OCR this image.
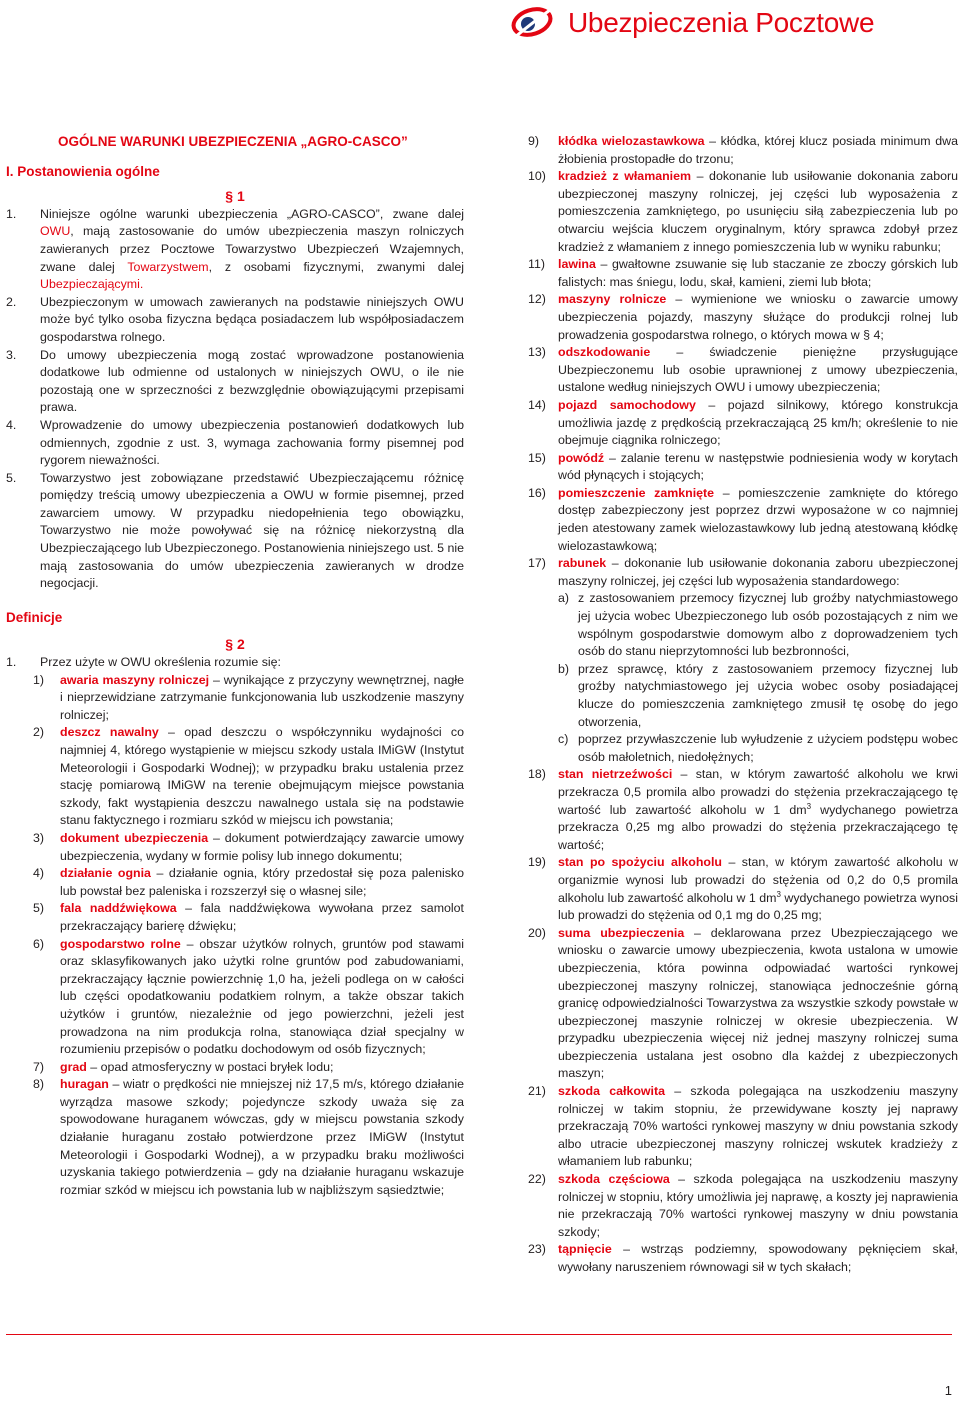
Ubezpieczenia Pocztowe
OGÓLNE WARUNKI UBEZPIECZENIA „AGRO-CASCO”
I. Postanowienia ogólne
§ 1
1.	Niniejsze ogólne warunki ubezpieczenia „AGRO-CASCO”, zwane dalej OWU, mają zastosowanie do umów ubezpieczenia maszyn rolniczych zawieranych przez Pocztowe Towarzystwo Ubezpieczeń Wzajemnych, zwane dalej Towarzystwem, z osobami fizycznymi, zwanymi dalej Ubezpieczającymi.
2.	Ubezpieczonym w umowach zawieranych na podstawie niniejszych OWU może być tylko osoba fizyczna będąca posiadaczem lub współposiadaczem gospodarstwa rolnego.
3.	Do umowy ubezpieczenia mogą zostać wprowadzone postanowienia dodatkowe lub odmienne od ustalonych w niniejszych OWU, o ile nie pozostają one w sprzeczności z bezwzględnie obowiązującymi przepisami prawa.
4.	Wprowadzenie do umowy ubezpieczenia postanowień dodatkowych lub odmiennych, zgodnie z ust. 3, wymaga zachowania formy pisemnej pod rygorem nieważności.
5.	Towarzystwo jest zobowiązane przedstawić Ubezpieczającemu różnicę pomiędzy treścią umowy ubezpieczenia a OWU w formie pisemnej, przed zawarciem umowy. W przypadku niedopełnienia tego obowiązku, Towarzystwo nie może powoływać się na różnicę niekorzystną dla Ubezpieczającego lub Ubezpieczonego. Postanowienia niniejszego ust. 5 nie mają zastosowania do umów ubezpieczenia zawieranych w drodze negocjacji.
Definicje
§ 2
1.	Przez użyte w OWU określenia rozumie się:
1)	awaria maszyny rolniczej – wynikające z przyczyny wewnętrznej, nagłe i nieprzewidziane zatrzymanie funkcjonowania lub uszkodzenie maszyny rolniczej;
2)	deszcz nawalny – opad deszczu o współczynniku wydajności co najmniej 4, którego wystąpienie w miejscu szkody ustala IMiGW (Instytut Meteorologii i Gospodarki Wodnej); w przypadku braku ustalenia przez stację pomiarową IMiGW na terenie obejmującym miejsce powstania szkody, fakt wystąpienia deszczu nawalnego ustala się na podstawie stanu faktycznego i rozmiaru szkód w miejscu ich powstania;
3)	dokument ubezpieczenia – dokument potwierdzający zawarcie umowy ubezpieczenia, wydany w formie polisy lub innego dokumentu;
4)	działanie ognia – działanie ognia, który przedostał się poza palenisko lub powstał bez paleniska i rozszerzył się o własnej sile;
5)	fala naddźwiękowa – fala naddźwiękowa wywołana przez samolot przekraczający barierę dźwięku;
6)	gospodarstwo rolne – obszar użytków rolnych, gruntów pod stawami oraz sklasyfikowanych jako użytki rolne gruntów pod zabudowaniami, przekraczający łącznie powierzchnię 1,0 ha, jeżeli podlega on w całości lub części opodatkowaniu podatkiem rolnym, a także obszar takich użytków i gruntów, niezależnie od jego powierzchni, jeżeli jest prowadzona na nim produkcja rolna, stanowiąca dział specjalny w rozumieniu przepisów o podatku dochodowym od osób fizycznych;
7)	grad – opad atmosferyczny w postaci bryłek lodu;
8)	huragan – wiatr o prędkości nie mniejszej niż 17,5 m/s, którego działanie wyrządza masowe szkody; pojedyncze szkody uważa się za spowodowane huraganem wówczas, gdy w miejscu powstania szkody działanie huraganu zostało potwierdzone przez IMiGW (Instytut Meteorologii i Gospodarki Wodnej), a w przypadku braku możliwości uzyskania takiego potwierdzenia – gdy na działanie huraganu wskazuje rozmiar szkód w miejscu ich powstania lub w najbliższym sąsiedztwie;
9)	kłódka wielozastawkowa – kłódka, której klucz posiada minimum dwa żłobienia prostopadłe do trzonu;
10) kradzież z włamaniem – dokonanie lub usiłowanie dokonania zaboru ubezpieczonej maszyny rolniczej, jej części lub wyposażenia z pomieszczenia zamkniętego, po usunięciu siłą zabezpieczenia lub po otwarciu wejścia kluczem oryginalnym, który sprawca zdobył przez kradzież z włamaniem z innego pomieszczenia lub w wyniku rabunku;
11)	lawina – gwałtowne zsuwanie się lub staczanie ze zboczy górskich lub falistych: mas śniegu, lodu, skał, kamieni, ziemi lub błota;
12) maszyny rolnicze – wymienione we wniosku o zawarcie umowy ubezpieczenia pojazdy, maszyny służące do produkcji rolnej lub prowadzenia gospodarstwa rolnego, o których mowa w § 4;
13) odszkodowanie – świadczenie pieniężne przysługujące Ubezpieczonemu lub osobie uprawnionej z umowy ubezpieczenia, ustalone według niniejszych OWU i umowy ubezpieczenia;
14) pojazd samochodowy – pojazd silnikowy, którego konstrukcja umożliwia jazdę z prędkością przekraczającą 25 km/h; określenie to nie obejmuje ciągnika rolniczego;
15) powódź – zalanie terenu w następstwie podniesienia wody w korytach wód płynących i stojących;
16) pomieszczenie zamknięte – pomieszczenie zamknięte do którego dostęp zabezpieczony jest poprzez drzwi wyposażone w co najmniej jeden atestowany zamek wielozastawkowy lub jedną atestowaną kłódkę wielozastawkową;
17) rabunek – dokonanie lub usiłowanie dokonania zaboru ubezpieczonej maszyny rolniczej, jej części lub wyposażenia standardowego:
a) z zastosowaniem przemocy fizycznej lub groźby natychmiastowego jej użycia wobec Ubezpieczonego lub osób pozostających z nim we wspólnym gospodarstwie domowym albo z doprowadzeniem tych osób do stanu nieprzytomności lub bezbronności,
b) przez sprawcę, który z zastosowaniem przemocy fizycznej lub groźby natychmiastowego jej użycia wobec osoby posiadającej klucze do pomieszczenia zamkniętego zmusił tę osobę do jego otworzenia,
c) poprzez przywłaszczenie lub wyłudzenie z użyciem podstępu wobec osób małoletnich, niedołężnych;
18) stan nietrzeźwości – stan, w którym zawartość alkoholu we krwi przekracza 0,5 promila albo prowadzi do stężenia przekraczającego tę wartość lub zawartość alkoholu w 1 $dm^3$ wydychanego powietrza przekracza 0,25 mg albo prowadzi do stężenia przekraczającego tę wartość;
19) stan po spożyciu alkoholu – stan, w którym zawartość alkoholu w organizmie wynosi lub prowadzi do stężenia od 0,2 do 0,5 promila alkoholu lub zawartość alkoholu w 1 $dm^3$ wydychanego powietrza wynosi lub prowadzi do stężenia od 0,1 mg do 0,25 mg;
20) suma ubezpieczenia – deklarowana przez Ubezpieczającego we wniosku o zawarcie umowy ubezpieczenia, kwota ustalona w umowie ubezpieczenia, która powinna odpowiadać wartości rynkowej ubezpieczonej maszyny rolniczej, stanowiąca jednocześnie górną granicę odpowiedzialności Towarzystwa za wszystkie szkody powstałe w ubezpieczonej maszynie rolniczej w okresie ubezpieczenia. W przypadku ubezpieczenia więcej niż jednej maszyny rolniczej suma ubezpieczenia ustalana jest osobno dla każdej z ubezpieczonych maszyn;
21) szkoda całkowita – szkoda polegająca na uszkodzeniu maszyny rolniczej w takim stopniu, że przewidywane koszty jej naprawy przekraczają 70% wartości rynkowej maszyny w dniu powstania szkody albo utracie ubezpieczonej maszyny rolniczej wskutek kradzieży z włamaniem lub rabunku;
22) szkoda częściowa – szkoda polegająca na uszkodzeniu maszyny rolniczej w stopniu, który umożliwia jej naprawę, a koszty jej naprawienia nie przekraczają 70% wartości rynkowej maszyny w dniu powstania szkody;
23) tąpnięcie – wstrząs podziemny, spowodowany pęknięciem skał, wywołany naruszeniem równowagi sił w tych skałach;
1
